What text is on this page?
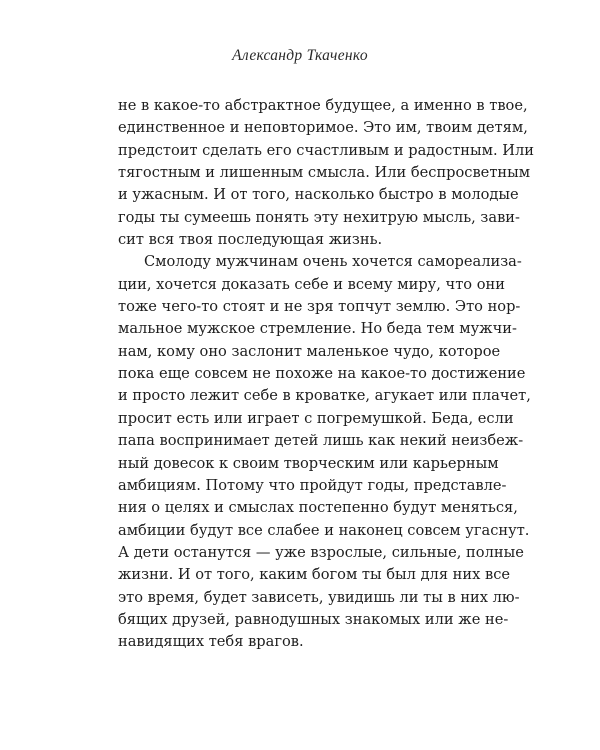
Александр Ткаченко
не в какое-то абстрактное будущее, а именно в твое,
единственное и неповторимое. Это им, твоим детям,
предстоит сделать его счастливым и радостным. Или
тягостным и лишенным смысла. Или беспросветным
и ужасным. И от того, насколько быстро в молодые
годы ты сумеешь понять эту нехитрую мысль, зави-
сит вся твоя последующая жизнь.
Смолоду мужчинам очень хочется самореализа-
ции, хочется доказать себе и всему миру, что они
тоже чего-то стоят и не зря топчут землю. Это нор-
мальное мужское стремление. Но беда тем мужчи-
нам, кому оно заслонит маленькое чудо, которое
пока еще совсем не похоже на какое-то достижение
и просто лежит себе в кроватке, агукает или плачет,
просит есть или играет с погремушкой. Беда, если
папа воспринимает детей лишь как некий неизбеж-
ный довесок к своим творческим или карьерным
амбициям. Потому что пройдут годы, представле-
ния о целях и смыслах постепенно будут меняться,
амбиции будут все слабее и наконец совсем угаснут.
А дети останутся — уже взрослые, сильные, полные
жизни. И от того, каким богом ты был для них все
это время, будет зависеть, увидишь ли ты в них лю-
бящих друзей, равнодушных знакомых или же не-
навидящих тебя врагов.
